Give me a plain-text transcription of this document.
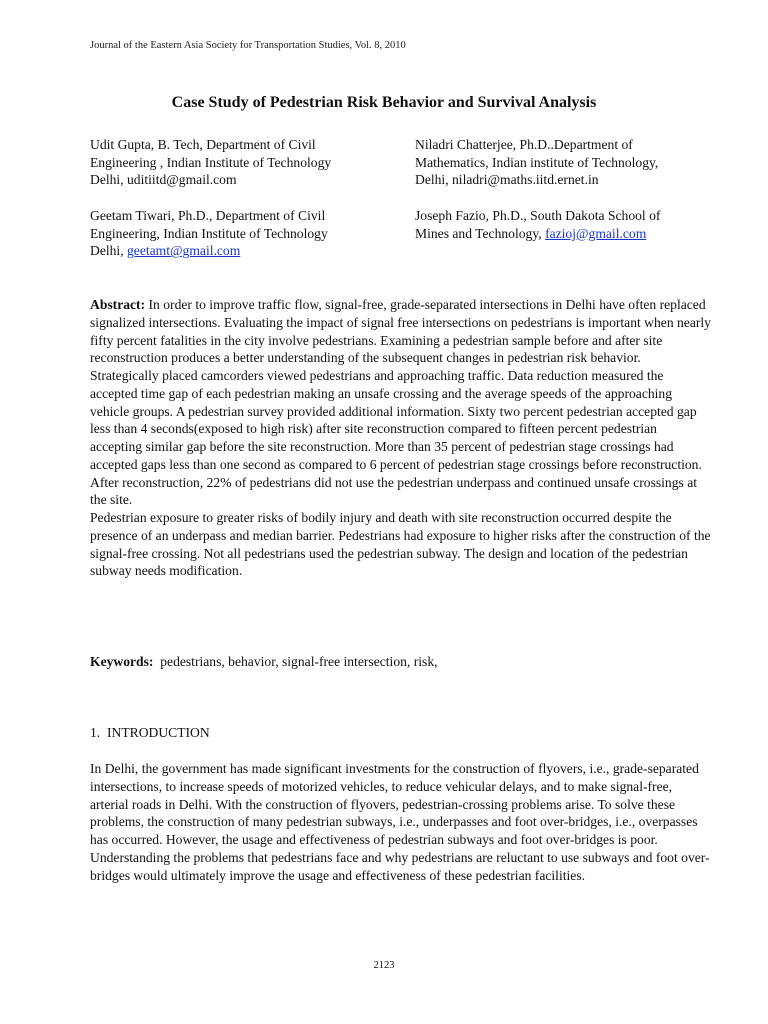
Journal of the Eastern Asia Society for Transportation Studies, Vol. 8, 2010
Case Study of Pedestrian Risk Behavior and Survival Analysis
Udit Gupta, B. Tech, Department of Civil
Engineering , Indian Institute of Technology
Delhi, uditiitd@gmail.com
Niladri Chatterjee, Ph.D..Department of
Mathematics, Indian institute of Technology,
Delhi, niladri@maths.iitd.ernet.in
Geetam Tiwari, Ph.D., Department of Civil
Engineering, Indian Institute of Technology
Delhi, geetamt@gmail.com
Joseph Fazio, Ph.D., South Dakota School of
Mines and Technology, fazioj@gmail.com
Abstract: In order to improve traffic flow, signal-free, grade-separated intersections in Delhi have often replaced signalized intersections. Evaluating the impact of signal free intersections on pedestrians is important when nearly fifty percent fatalities in the city involve pedestrians. Examining a pedestrian sample before and after site reconstruction produces a better understanding of the subsequent changes in pedestrian risk behavior.
Strategically placed camcorders viewed pedestrians and approaching traffic. Data reduction measured the accepted time gap of each pedestrian making an unsafe crossing and the average speeds of the approaching vehicle groups. A pedestrian survey provided additional information. Sixty two percent pedestrian accepted gap less than 4 seconds(exposed to high risk) after site reconstruction compared to fifteen percent pedestrian accepting similar gap before the site reconstruction. More than 35 percent of pedestrian stage crossings had accepted gaps less than one second as compared to 6 percent of pedestrian stage crossings before reconstruction. After reconstruction, 22% of pedestrians did not use the pedestrian underpass and continued unsafe crossings at the site.
Pedestrian exposure to greater risks of bodily injury and death with site reconstruction occurred despite the presence of an underpass and median barrier. Pedestrians had exposure to higher risks after the construction of the signal-free crossing. Not all pedestrians used the pedestrian subway. The design and location of the pedestrian subway needs modification.
Keywords:  pedestrians, behavior, signal-free intersection, risk,
1.  INTRODUCTION
In Delhi, the government has made significant investments for the construction of flyovers, i.e., grade-separated intersections, to increase speeds of motorized vehicles, to reduce vehicular delays, and to make signal-free, arterial roads in Delhi. With the construction of flyovers, pedestrian-crossing problems arise. To solve these problems, the construction of many pedestrian subways, i.e., underpasses and foot over-bridges, i.e., overpasses has occurred. However, the usage and effectiveness of pedestrian subways and foot over-bridges is poor. Understanding the problems that pedestrians face and why pedestrians are reluctant to use subways and foot over-bridges would ultimately improve the usage and effectiveness of these pedestrian facilities.
2123
